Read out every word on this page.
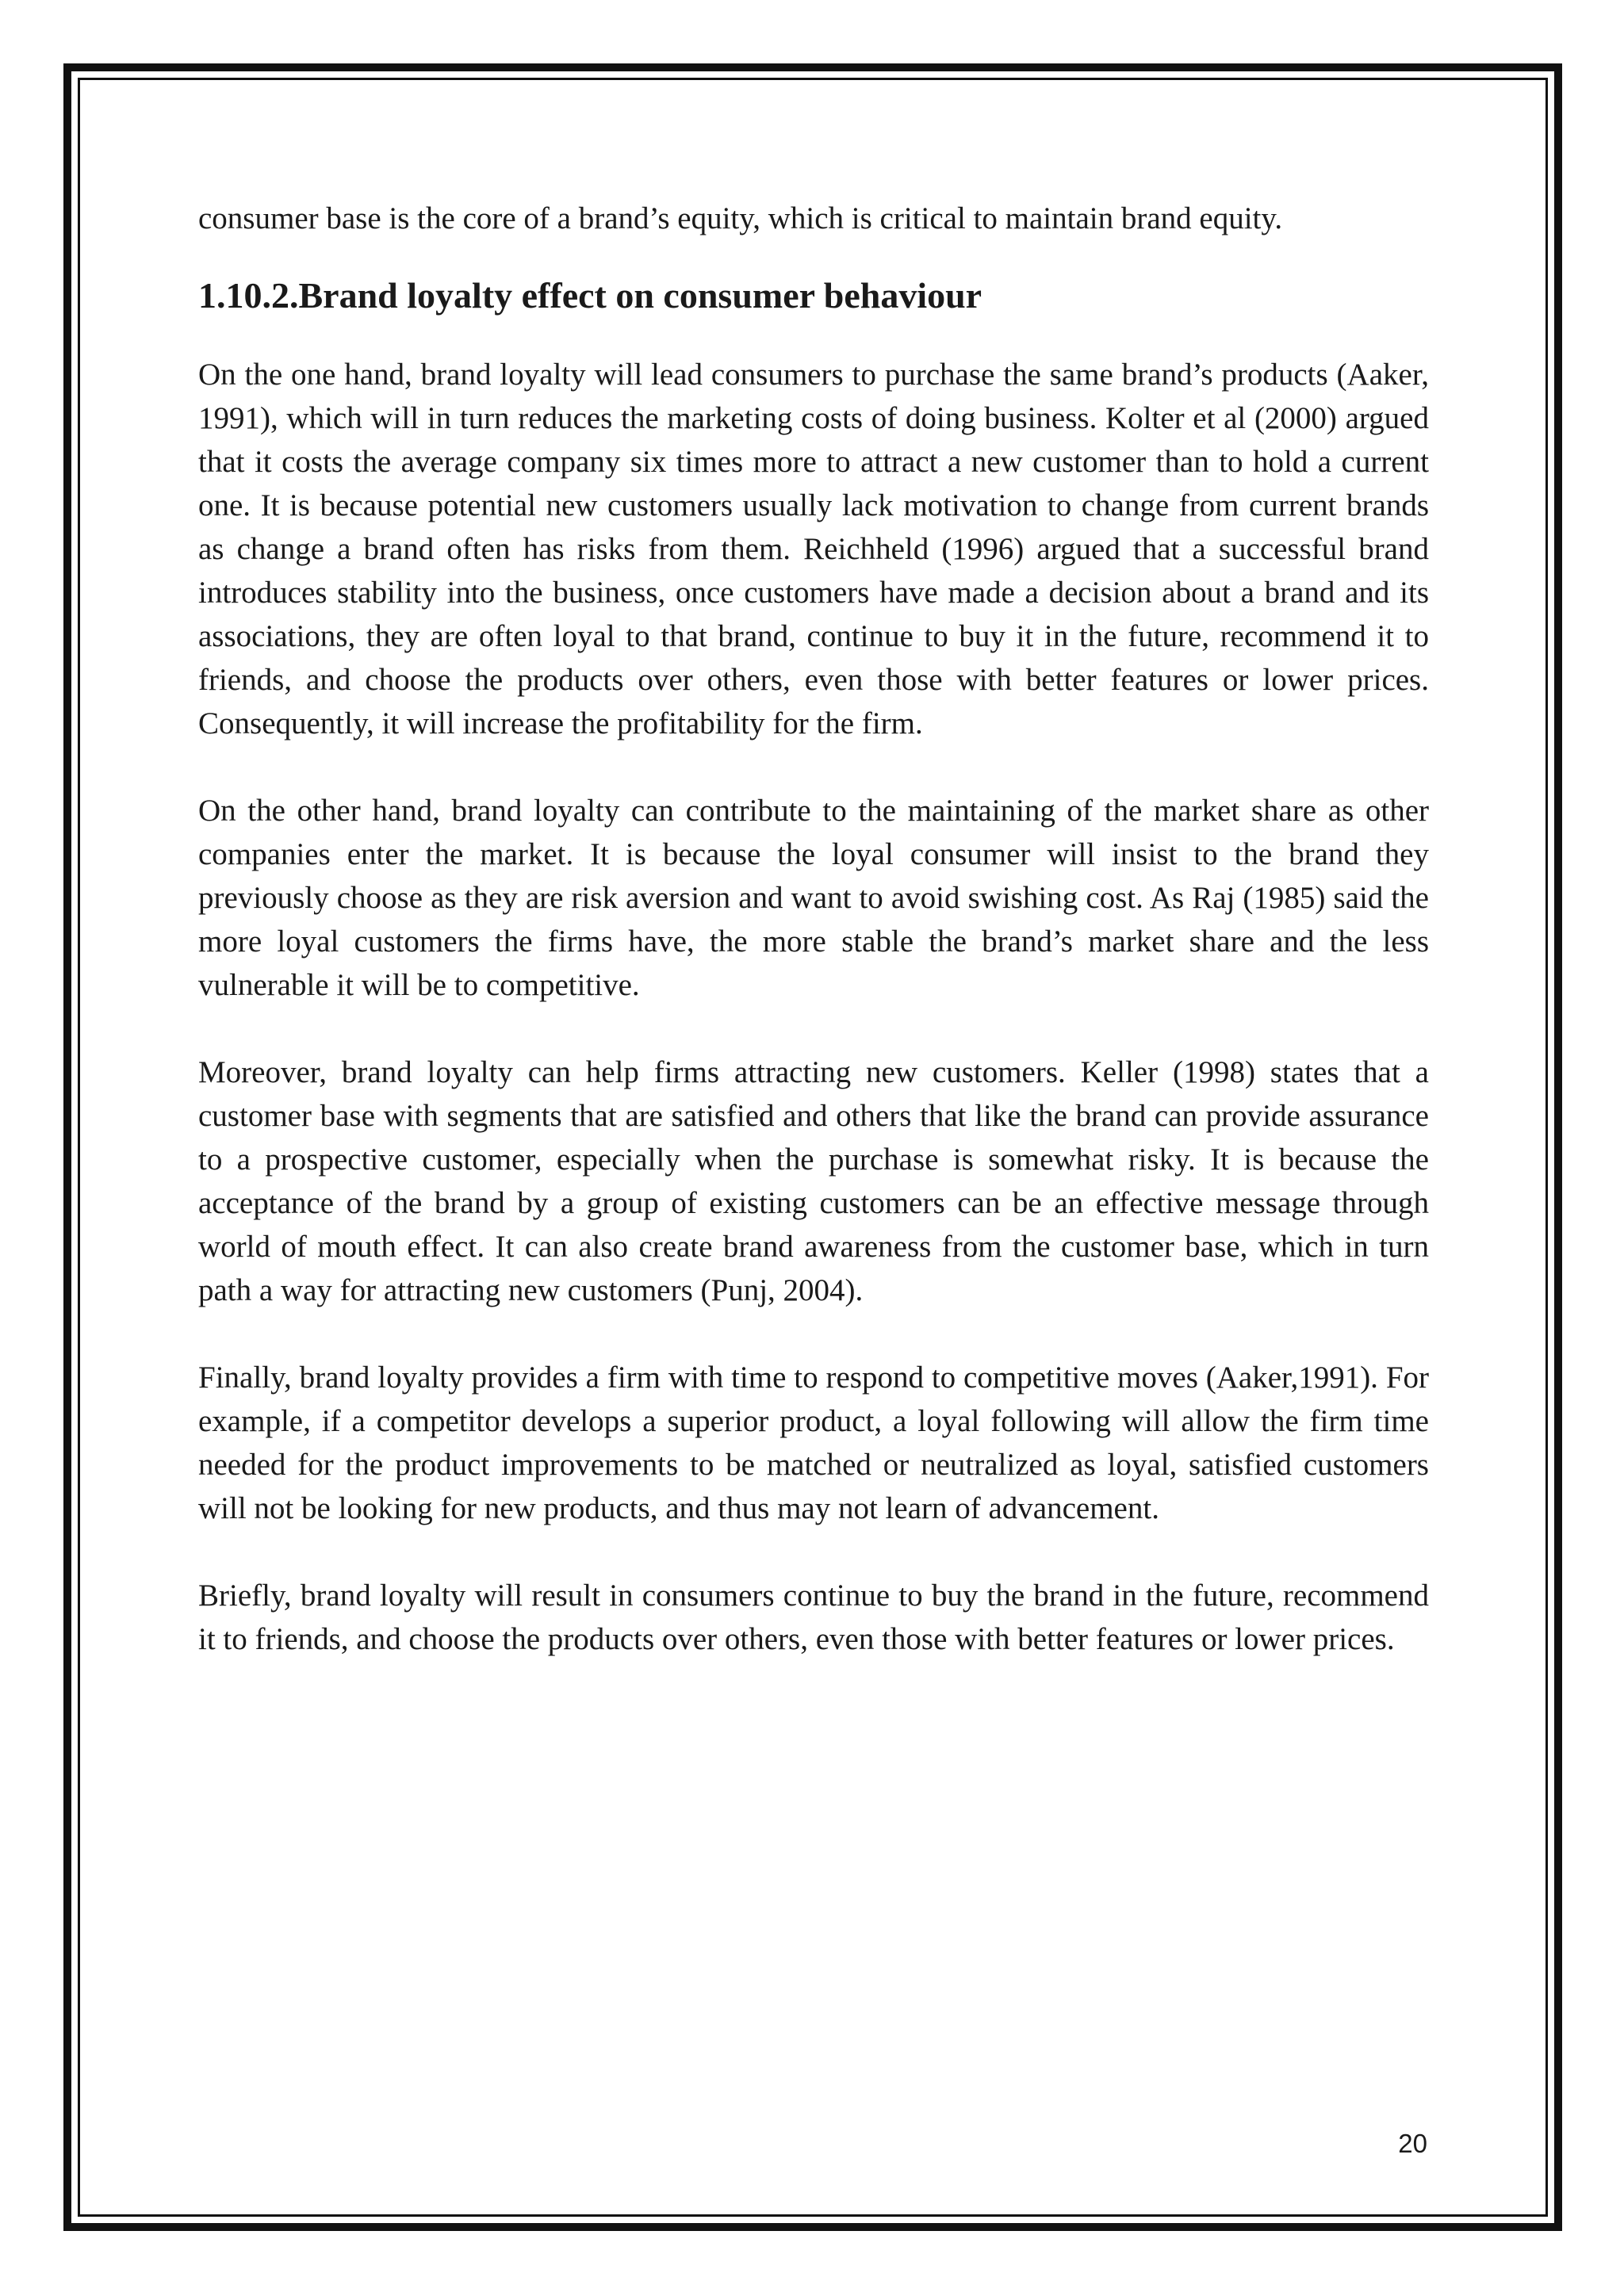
consumer base is the core of a brand’s equity, which is critical to maintain brand equity.

1.10.2.Brand loyalty effect on consumer behaviour

On the one hand, brand loyalty will lead consumers to purchase the same brand’s products (Aaker, 1991), which will in turn reduces the marketing costs of doing business. Kolter et al (2000) argued that it costs the average company six times more to attract a new customer than to hold a current one. It is because potential new customers usually lack motivation to change from current brands as change a brand often has risks from them. Reichheld (1996) argued that a successful brand introduces stability into the business, once customers have made a decision about a brand and its associations, they are often loyal to that brand, continue to buy it in the future, recommend it to friends, and choose the products over others, even those with better features or lower prices. Consequently, it will increase the profitability for the firm.

On the other hand, brand loyalty can contribute to the maintaining of the market share as other companies enter the market. It is because the loyal consumer will insist to the brand they previously choose as they are risk aversion and want to avoid swishing cost. As Raj (1985) said the more loyal customers the firms have, the more stable the brand’s market share and the less vulnerable it will be to competitive.

Moreover, brand loyalty can help firms attracting new customers. Keller (1998) states that a customer base with segments that are satisfied and others that like the brand can provide assurance to a prospective customer, especially when the purchase is somewhat risky. It is because the acceptance of the brand by a group of existing customers can be an effective message through world of mouth effect. It can also create brand awareness from the customer base, which in turn path a way for attracting new customers (Punj, 2004).

Finally, brand loyalty provides a firm with time to respond to competitive moves (Aaker,1991). For example, if a competitor develops a superior product, a loyal following will allow the firm time needed for the product improvements to be matched or neutralized as loyal, satisfied customers will not be looking for new products, and thus may not learn of advancement.

Briefly, brand loyalty will result in consumers continue to buy the brand in the future, recommend it to friends, and choose the products over others, even those with better features or lower prices.

20
